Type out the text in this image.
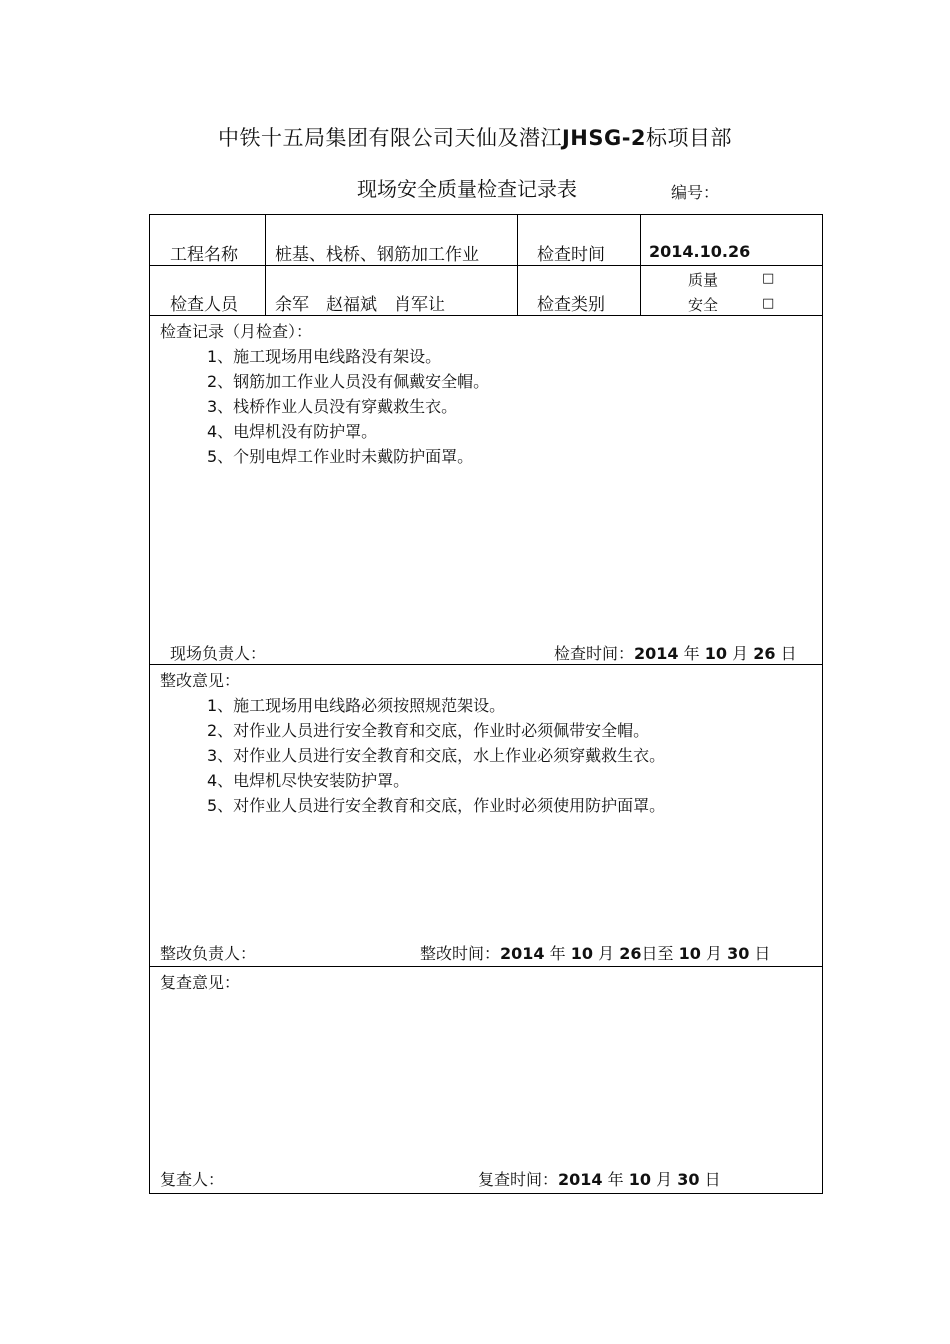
中铁十五局集团有限公司天仙及潜江JHSG-2标项目部
现场安全质量检查记录表	编号：
工程名称 桩基、栈桥、钢筋加工作业	检查时间	2014.10.26
检查人员 余军　赵福斌　肖军让	检查类别
质量	□
安全	□
检查记录（月检查）：
1、施工现场用电线路没有架设。
2、钢筋加工作业人员没有佩戴安全帽。
3、栈桥作业人员没有穿戴救生衣。
4、电焊机没有防护罩。
5、个别电焊工作业时未戴防护面罩。
现场负责人：	检查时间：2014 年 10 月 26 日
整改意见：
1、施工现场用电线路必须按照规范架设。
2、对作业人员进行安全教育和交底，作业时必须佩带安全帽。
3、对作业人员进行安全教育和交底，水上作业必须穿戴救生衣。
4、电焊机尽快安装防护罩。
5、对作业人员进行安全教育和交底，作业时必须使用防护面罩。
整改负责人：	整改时间：2014 年 10 月 26日至 10 月 30 日
复查意见：
复查人：	复查时间：2014 年 10 月 30 日
